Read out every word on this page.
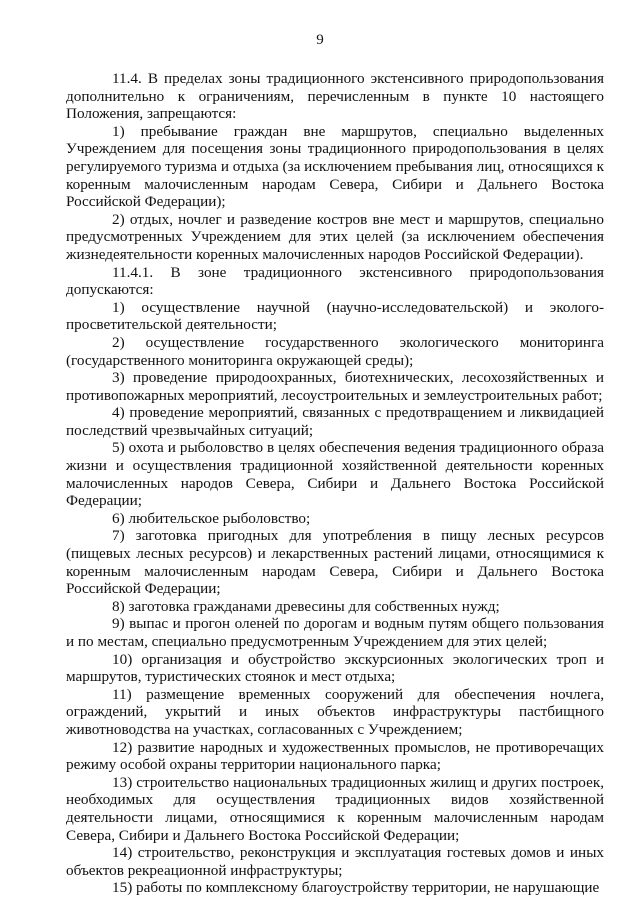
9

11.4. В пределах зоны традиционного экстенсивного природопользования дополнительно к ограничениям, перечисленным в пункте 10 настоящего Положения, запрещаются:

1) пребывание граждан вне маршрутов, специально выделенных Учреждением для посещения зоны традиционного природопользования в целях регулируемого туризма и отдыха (за исключением пребывания лиц, относящихся к коренным малочисленным народам Севера, Сибири и Дальнего Востока Российской Федерации);

2) отдых, ночлег и разведение костров вне мест и маршрутов, специально предусмотренных Учреждением для этих целей (за исключением обеспечения жизнедеятельности коренных малочисленных народов Российской Федерации).

11.4.1. В зоне традиционного экстенсивного природопользования допускаются:

1) осуществление научной (научно-исследовательской) и эколого-просветительской деятельности;

2) осуществление государственного экологического мониторинга (государственного мониторинга окружающей среды);

3) проведение природоохранных, биотехнических, лесохозяйственных и противопожарных мероприятий, лесоустроительных и землеустроительных работ;

4) проведение мероприятий, связанных с предотвращением и ликвидацией последствий чрезвычайных ситуаций;

5) охота и рыболовство в целях обеспечения ведения традиционного образа жизни и осуществления традиционной хозяйственной деятельности коренных малочисленных народов Севера, Сибири и Дальнего Востока Российской Федерации;

6) любительское рыболовство;

7) заготовка пригодных для употребления в пищу лесных ресурсов (пищевых лесных ресурсов) и лекарственных растений лицами, относящимися к коренным малочисленным народам Севера, Сибири и Дальнего Востока Российской Федерации;

8) заготовка гражданами древесины для собственных нужд;

9) выпас и прогон оленей по дорогам и водным путям общего пользования и по местам, специально предусмотренным Учреждением для этих целей;

10) организация и обустройство экскурсионных экологических троп и маршрутов, туристических стоянок и мест отдыха;

11) размещение временных сооружений для обеспечения ночлега, ограждений, укрытий и иных объектов инфраструктуры пастбищного животноводства на участках, согласованных с Учреждением;

12) развитие народных и художественных промыслов, не противоречащих режиму особой охраны территории национального парка;

13) строительство национальных традиционных жилищ и других построек, необходимых для осуществления традиционных видов хозяйственной деятельности лицами, относящимися к коренным малочисленным народам Севера, Сибири и Дальнего Востока Российской Федерации;

14) строительство, реконструкция и эксплуатация гостевых домов и иных объектов рекреационной инфраструктуры;

15) работы по комплексному благоустройству территории, не нарушающие
